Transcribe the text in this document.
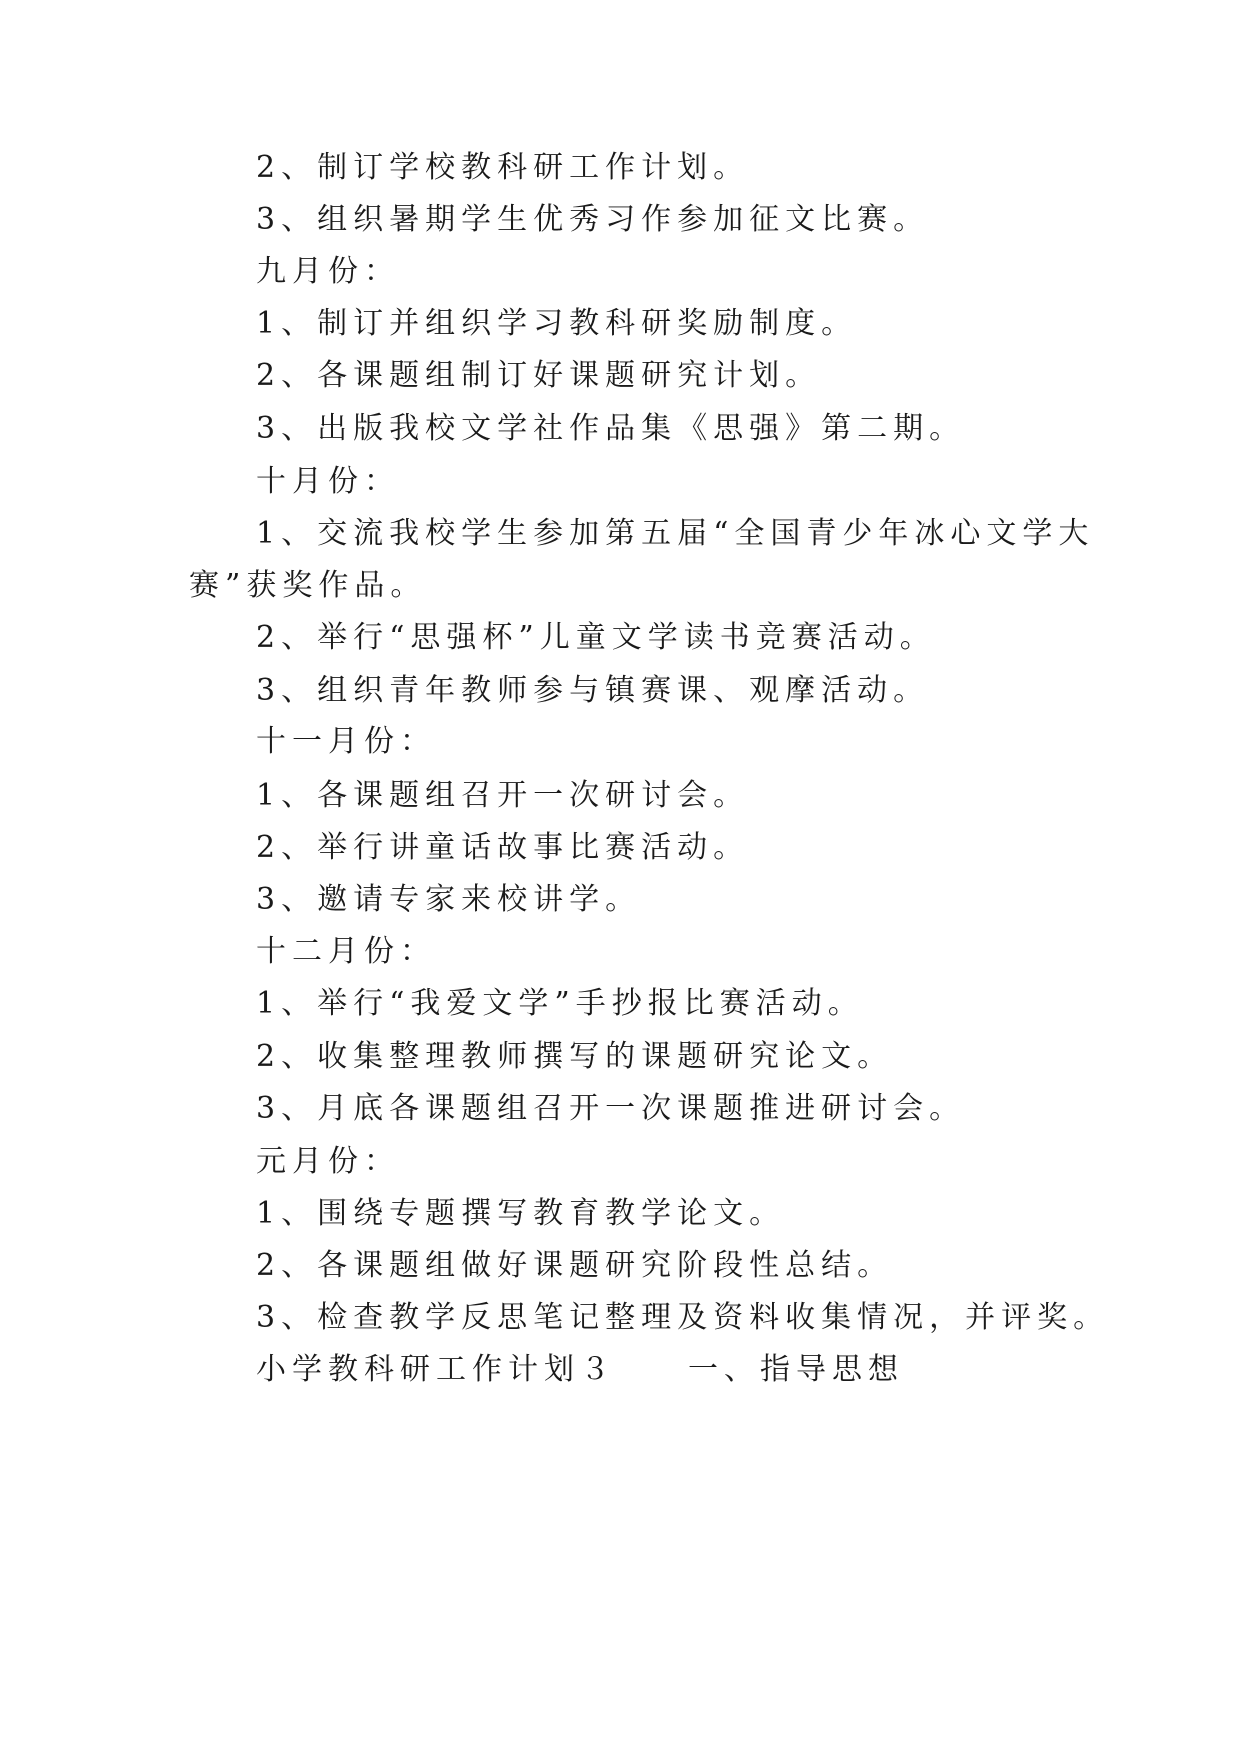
2、制订学校教科研工作计划。
3、组织暑期学生优秀习作参加征文比赛。
九月份：
1、制订并组织学习教科研奖励制度。
2、各课题组制订好课题研究计划。
3、出版我校文学社作品集《思强》第二期。
十月份：
1、交流我校学生参加第五届“全国青少年冰心文学大
赛”获奖作品。
2、举行“思强杯”儿童文学读书竞赛活动。
3、组织青年教师参与镇赛课、观摩活动。
十一月份：
1、各课题组召开一次研讨会。
2、举行讲童话故事比赛活动。
3、邀请专家来校讲学。
十二月份：
1、举行“我爱文学”手抄报比赛活动。
2、收集整理教师撰写的课题研究论文。
3、月底各课题组召开一次课题推进研讨会。
元月份：
1、围绕专题撰写教育教学论文。
2、各课题组做好课题研究阶段性总结。
3、检查教学反思笔记整理及资料收集情况，并评奖。
小学教科研工作计划３　　一、指导思想
